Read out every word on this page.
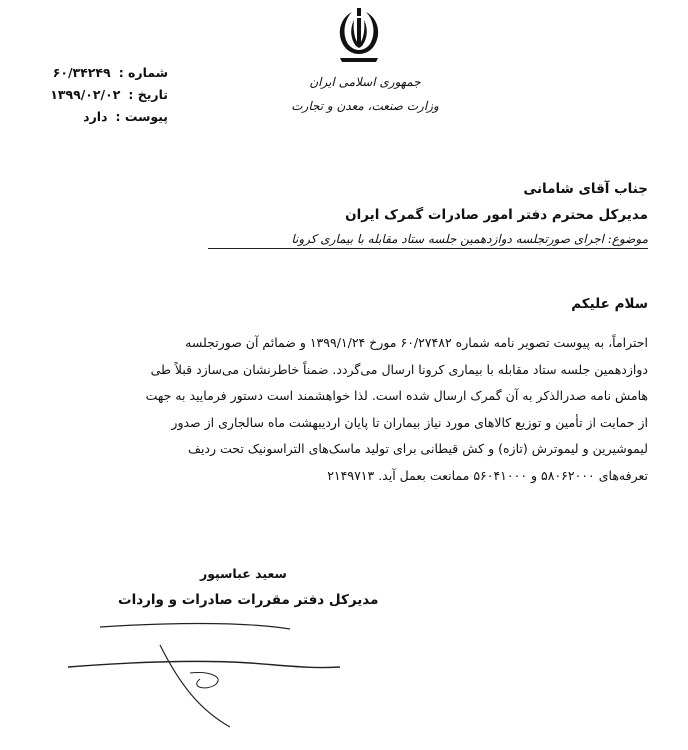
جمهوری اسلامی ایران
وزارت صنعت، معدن و تجارت
شماره :
۶۰/۳۴۲۴۹
تاریخ :
۱۳۹۹/۰۲/۰۲
پیوست :
دارد
جناب آقای شامانی
مدیرکل محترم دفتر امور صادرات گمرک ایران
موضوع: اجرای صورتجلسه دوازدهمین جلسه ستاد مقابله با بیماری کرونا
سلام علیکم

احتراماً، به پیوست تصویر نامه شماره ۶۰/۲۷۴۸۲ مورخ ۱۳۹۹/۱/۲۴ و ضمائم آن صورتجلسه

دوازدهمین جلسه ستاد مقابله با بیماری کرونا ارسال می‌گردد. ضمناً خاطرنشان می‌سازد قبلاً طی

هامش نامه صدرالذکر به آن گمرک ارسال شده است. لذا خواهشمند است دستور فرمایید به جهت

از حمایت از تأمین و توزیع کالاهای مورد نیاز بیماران تا پایان اردیبهشت ماه سالجاری از صدور

لیموشیرین و لیموترش (تازه) و کش قیطانی برای تولید ماسک‌های التراسونیک تحت ردیف

تعرفه‌های ۵۸۰۶۲۰۰۰ و ۵۶۰۴۱۰۰۰ ممانعت بعمل آید. ۲۱۴۹۷۱۳

سعید عباسپور
مدیرکل دفتر مقررات صادرات و واردات
